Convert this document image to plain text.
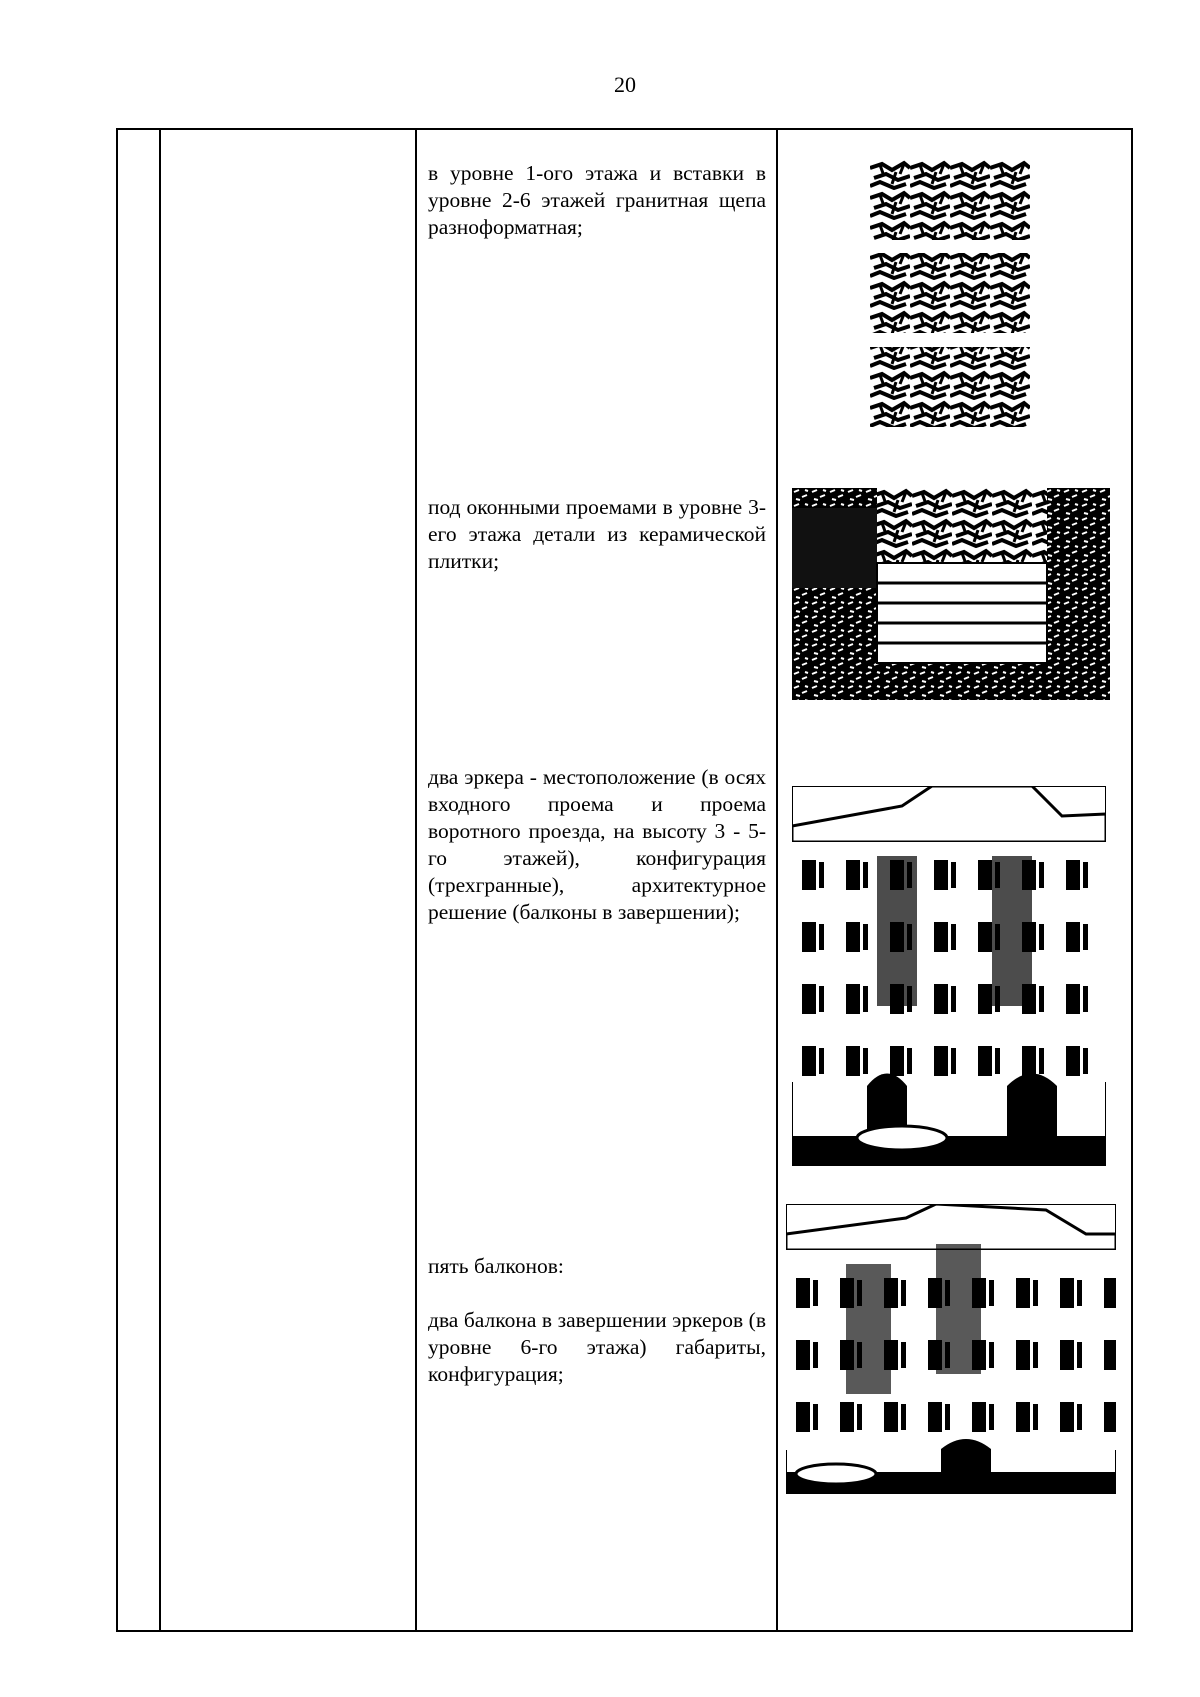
20

в уровне 1-ого этажа и вставки в уровне 2-6 этажей гранитная щепа разноформатная;

под оконными проемами в уровне 3-его этажа детали из керамической плитки;

два эркера - местоположение (в осях входного проема и проема воротного проезда, на высоту 3 - 5-го этажей), конфигурация (трехгранные), архитектурное решение (балконы в завершении);

пять балконов:

два балкона в завершении эркеров (в уровне 6-го этажа) габариты, конфигурация;
